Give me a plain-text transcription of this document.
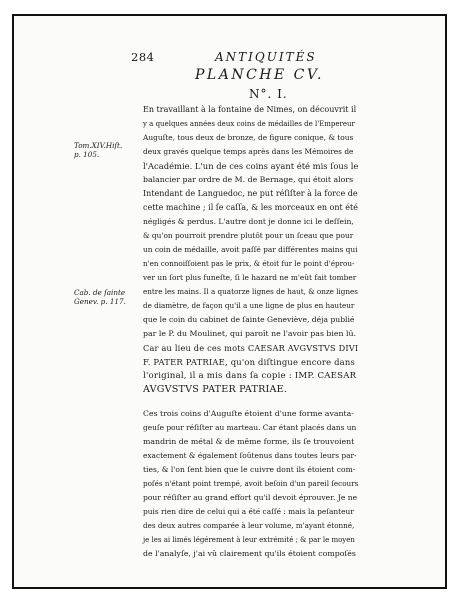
284	ANTIQUITÉS
PLANCHE CV.
N°. I.
Tom.XIV.Hiſt.
p. 105.
Cab. de ſainte
Genev. p. 117.
En travaillant à la fontaine de Nimes, on découvrit il
y a quelques années deux coins de médailles de l'Empereur
Auguſte, tous deux de bronze, de figure conique, & tous
deux gravés quelque temps après dans les Mémoires de
l'Académie. L'un de ces coins ayant été mis ſous le
balancier par ordre de M. de Bernage, qui étoit alors
Intendant de Languedoc, ne put réſiſter à la force de
cette machine ; il ſe caſſa, & les morceaux en ont été
négligés & perdus. L'autre dont je donne ici le deſſein,
& qu'on pourroit prendre plutôt pour un ſceau que pour
un coin de médaille, avoit paſſé par différentes mains qui
n'en connoiſſoient pas le prix, & étoit fur le point d'éprou-
ver un ſort plus funeſte, ſi le hazard ne m'eût fait tomber
entre les mains. Il a quatorze lignes de haut, & onze lignes
de diamètre, de façon qu'il a une ligne de plus en hauteur
que le coin du cabinet de ſainte Geneviève, déja publié
par le P. du Moulinet, qui paroît ne l'avoir pas bien lû.
Car au lieu de ces mots CAESAR AVGVSTVS DIVI
F. PATER PATRIAE, qu'on diſtingue encore dans
l'original, il a mis dans ſa copie : IMP. CAESAR
AVGVSTVS PATER PATRIAE.
Ces trois coins d'Auguſte étoient d'une forme avanta-
geuſe pour réſiſter au marteau. Car étant placés dans un
mandrin de métal & de même forme, ils ſe trouvoient
exactement & également ſoûtenus dans toutes leurs par-
ties, & l'on ſent bien que le cuivre dont ils étoient com-
poſés n'étant point trempé, avoit beſoin d'un pareil ſecours
pour réſiſter au grand effort qu'il devoit éprouver. Je ne
puis rien dire de celui qui a été caſſé : mais la peſanteur
des deux autres comparée à leur volume, m'ayant étonné,
je les ai limés légérement à leur extrémité ; & par le moyen
de l'analyſe, j'ai vû clairement qu'ils étoient compoſés
